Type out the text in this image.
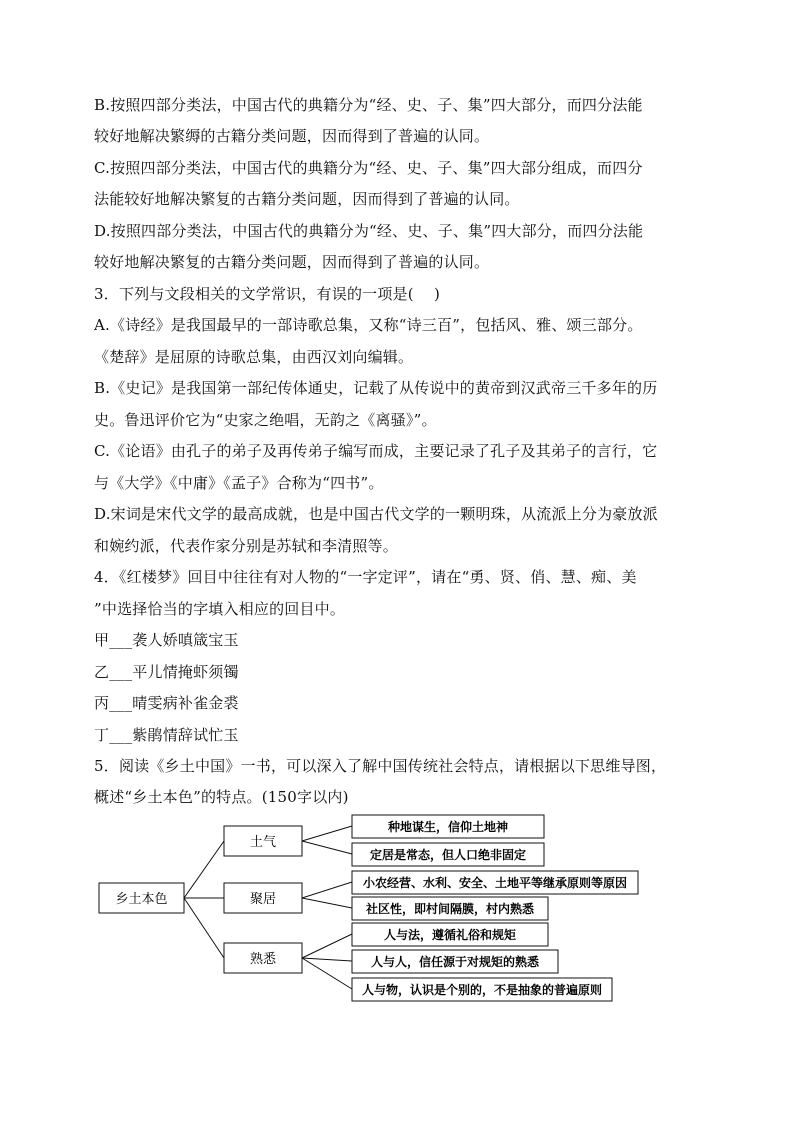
B.按照四部分类法，中国古代的典籍分为“经、史、子、集”四大部分，而四分法能
较好地解决繁缛的古籍分类问题，因而得到了普遍的认同。
C.按照四部分类法，中国古代的典籍分为“经、史、子、集”四大部分组成，而四分
法能较好地解决繁复的古籍分类问题，因而得到了普遍的认同。
D.按照四部分类法，中国古代的典籍分为“经、史、子、集”四大部分，而四分法能
较好地解决繁复的古籍分类问题，因而得到了普遍的认同。
3．下列与文段相关的文学常识，有误的一项是(　 )
A.《诗经》是我国最早的一部诗歌总集，又称“诗三百”，包括风、雅、颂三部分。
《楚辞》是屈原的诗歌总集，由西汉刘向编辑。
B.《史记》是我国第一部纪传体通史，记载了从传说中的黄帝到汉武帝三千多年的历
史。鲁迅评价它为“史家之绝唱，无韵之《离骚》”。
C.《论语》由孔子的弟子及再传弟子编写而成，主要记录了孔子及其弟子的言行，它
与《大学》《中庸》《孟子》合称为“四书”。
D.宋词是宋代文学的最高成就，也是中国古代文学的一颗明珠，从流派上分为豪放派
和婉约派，代表作家分别是苏轼和李清照等。
4．《红楼梦》回目中往往有对人物的“一字定评”，请在“勇、贤、俏、慧、痴、美
”中选择恰当的字填入相应的回目中。
甲___袭人娇嗔箴宝玉
乙___平儿情掩虾须镯
丙___晴雯病补雀金裘
丁___紫鹃情辞试忙玉
5．阅读《乡土中国》一书，可以深入了解中国传统社会特点，请根据以下思维导图，
概述“乡土本色”的特点。(150字以内)
乡土本色
土气
种地谋生，信仰土地神
定居是常态，但人口绝非固定
聚居
小农经营、水利、安全、土地平等继承原则等原因
社区性，即村间隔膜，村内熟悉
熟悉
人与法，遵循礼俗和规矩
人与人，信任源于对规矩的熟悉
人与物，认识是个别的，不是抽象的普遍原则
